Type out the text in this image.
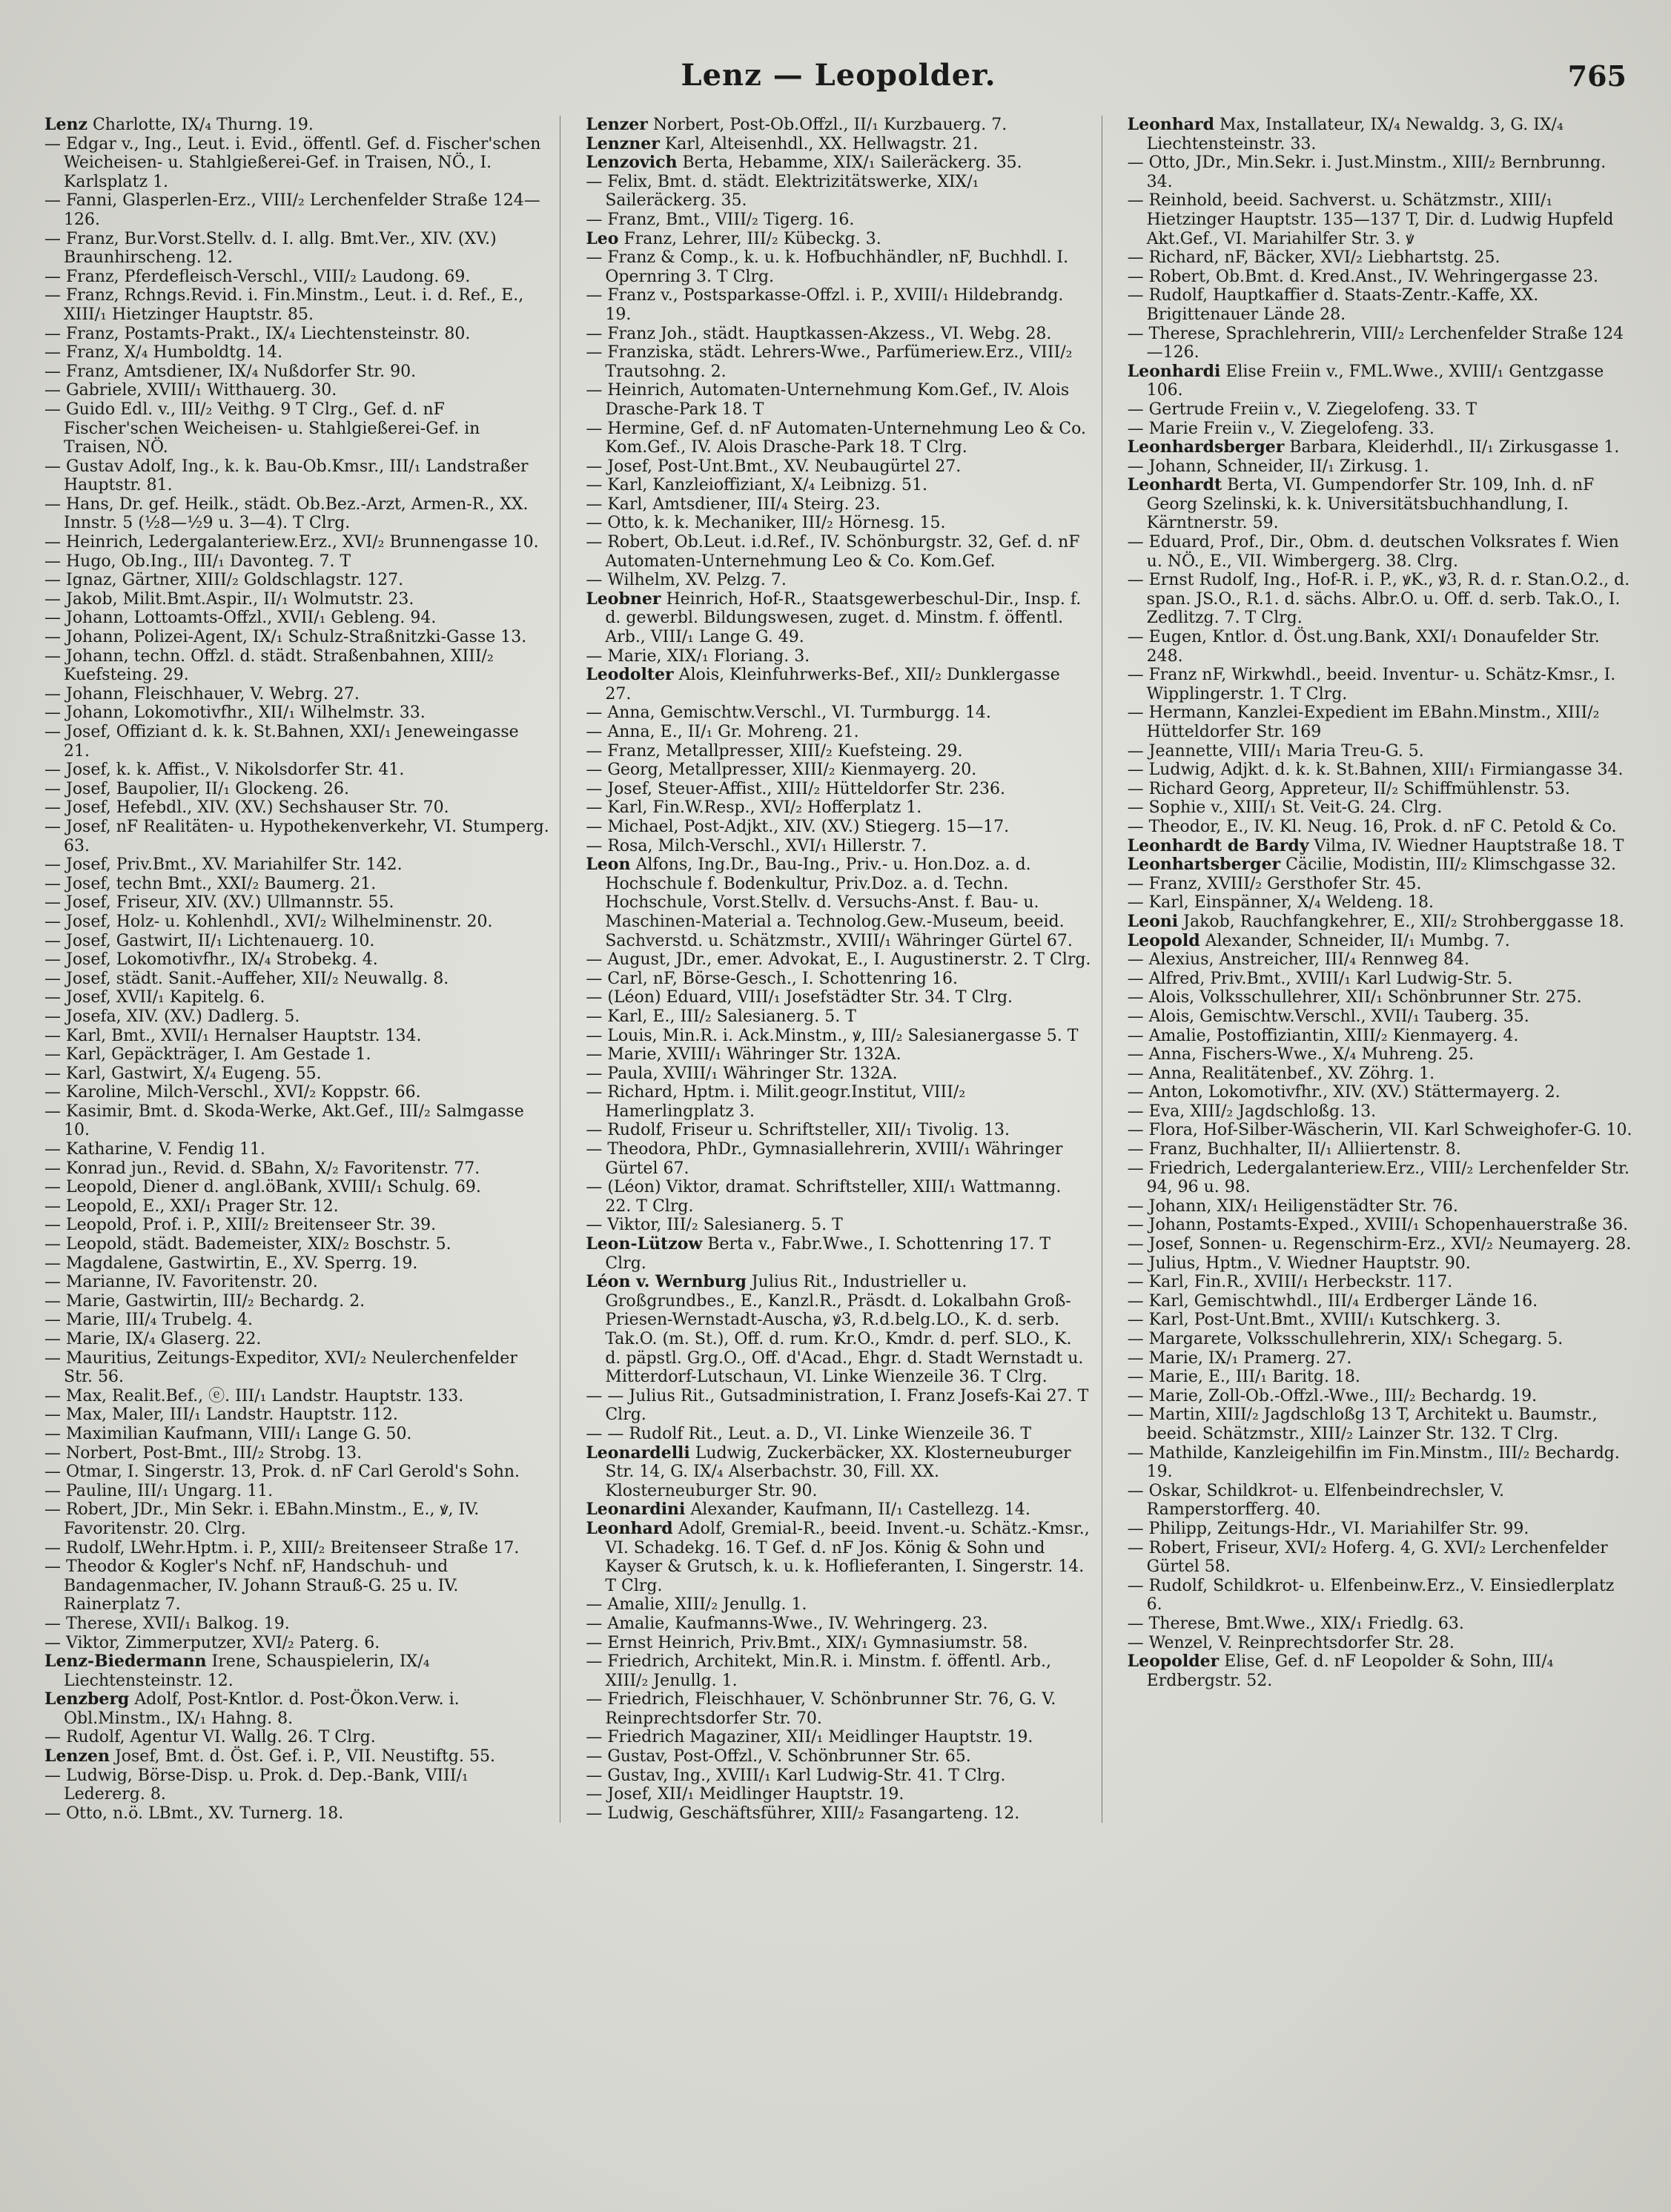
Lenz — Leopolder.	765

Lenz Charlotte, IX/₄ Thurng. 19.

— Edgar v., Ing., Leut. i. Evid., öffentl. Gef. d. Fischer'schen Weicheisen- u. Stahlgießerei-Gef. in Traisen, NÖ., I. Karlsplatz 1.

— Fanni, Glasperlen-Erz., VIII/₂ Lerchenfelder Straße 124—126.

— Franz, Bur.Vorst.Stellv. d. I. allg. Bmt.Ver., XIV. (XV.) Braunhirscheng. 12.

— Franz, Pferdefleisch-Verschl., VIII/₂ Laudong. 69.

— Franz, Rchngs.Revid. i. Fin.Minstm., Leut. i. d. Ref., E., XIII/₁ Hietzinger Hauptstr. 85.

— Franz, Postamts-Prakt., IX/₄ Liechtensteinstr. 80.

— Franz, X/₄ Humboldtg. 14.

— Franz, Amtsdiener, IX/₄ Nußdorfer Str. 90.

— Gabriele, XVIII/₁ Witthauerg. 30.

— Guido Edl. v., III/₂ Veithg. 9 T Clrg., Gef. d. nF Fischer'schen Weicheisen- u. Stahlgießerei-Gef. in Traisen, NÖ.

— Gustav Adolf, Ing., k. k. Bau-Ob.Kmsr., III/₁ Landstraßer Hauptstr. 81.

— Hans, Dr. gef. Heilk., städt. Ob.Bez.-Arzt, Armen-R., XX. Innstr. 5 (½8—½9 u. 3—4). T Clrg.

— Heinrich, Ledergalanteriew.Erz., XVI/₂ Brunnengasse 10.

— Hugo, Ob.Ing., III/₁ Davonteg. 7. T

— Ignaz, Gärtner, XIII/₂ Goldschlagstr. 127.

— Jakob, Milit.Bmt.Aspir., II/₁ Wolmutstr. 23.

— Johann, Lottoamts-Offzl., XVII/₁ Gebleng. 94.

— Johann, Polizei-Agent, IX/₁ Schulz-Straßnitzki-Gasse 13.

— Johann, techn. Offzl. d. städt. Straßenbahnen, XIII/₂ Kuefsteing. 29.

— Johann, Fleischhauer, V. Webrg. 27.

— Johann, Lokomotivfhr., XII/₁ Wilhelmstr. 33.

— Josef, Offiziant d. k. k. St.Bahnen, XXI/₁ Jeneweingasse 21.

— Josef, k. k. Affist., V. Nikolsdorfer Str. 41.

— Josef, Baupolier, II/₁ Glockeng. 26.

— Josef, Hefebdl., XIV. (XV.) Sechshauser Str. 70.

— Josef, nF Realitäten- u. Hypothekenverkehr, VI. Stumperg. 63.

— Josef, Priv.Bmt., XV. Mariahilfer Str. 142.

— Josef, techn Bmt., XXI/₂ Baumerg. 21.

— Josef, Friseur, XIV. (XV.) Ullmannstr. 55.

— Josef, Holz- u. Kohlenhdl., XVI/₂ Wilhelminenstr. 20.

— Josef, Gastwirt, II/₁ Lichtenauerg. 10.

— Josef, Lokomotivfhr., IX/₄ Strobekg. 4.

— Josef, städt. Sanit.-Auffeher, XII/₂ Neuwallg. 8.

— Josef, XVII/₁ Kapitelg. 6.

— Josefa, XIV. (XV.) Dadlerg. 5.

— Karl, Bmt., XVII/₁ Hernalser Hauptstr. 134.

— Karl, Gepäckträger, I. Am Gestade 1.

— Karl, Gastwirt, X/₄ Eugeng. 55.

— Karoline, Milch-Verschl., XVI/₂ Koppstr. 66.

— Kasimir, Bmt. d. Skoda-Werke, Akt.Gef., III/₂ Salmgasse 10.

— Katharine, V. Fendig 11.

— Konrad jun., Revid. d. SBahn, X/₂ Favoritenstr. 77.

— Leopold, Diener d. angl.öBank, XVIII/₁ Schulg. 69.

— Leopold, E., XXI/₁ Prager Str. 12.

— Leopold, Prof. i. P., XIII/₂ Breitenseer Str. 39.

— Leopold, städt. Bademeister, XIX/₂ Boschstr. 5.

— Magdalene, Gastwirtin, E., XV. Sperrg. 19.

— Marianne, IV. Favoritenstr. 20.

— Marie, Gastwirtin, III/₂ Bechardg. 2.

— Marie, III/₄ Trubelg. 4.

— Marie, IX/₄ Glaserg. 22.

— Mauritius, Zeitungs-Expeditor, XVI/₂ Neulerchenfelder Str. 56.

— Max, Realit.Bef., ⓔ. III/₁ Landstr. Hauptstr. 133.

— Max, Maler, III/₁ Landstr. Hauptstr. 112.

— Maximilian Kaufmann, VIII/₁ Lange G. 50.

— Norbert, Post-Bmt., III/₂ Strobg. 13.

— Otmar, I. Singerstr. 13, Prok. d. nF Carl Gerold's Sohn.

— Pauline, III/₁ Ungarg. 11.

— Robert, JDr., Min Sekr. i. EBahn.Minstm., E., ꝟ, IV. Favoritenstr. 20. Clrg.

— Rudolf, LWehr.Hptm. i. P., XIII/₂ Breitenseer Straße 17.

— Theodor & Kogler's Nchf. nF, Handschuh- und Bandagenmacher, IV. Johann Strauß-G. 25 u. IV. Rainerplatz 7.

— Therese, XVII/₁ Balkog. 19.

— Viktor, Zimmerputzer, XVI/₂ Paterg. 6.

Lenz-Biedermann Irene, Schauspielerin, IX/₄ Liechtensteinstr. 12.

Lenzberg Adolf, Post-Kntlor. d. Post-Ökon.Verw. i. Obl.Minstm., IX/₁ Hahng. 8.

— Rudolf, Agentur VI. Wallg. 26. T Clrg.

Lenzen Josef, Bmt. d. Öst. Gef. i. P., VII. Neustiftg. 55.

— Ludwig, Börse-Disp. u. Prok. d. Dep.-Bank, VIII/₁ Ledererg. 8.

— Otto, n.ö. LBmt., XV. Turnerg. 18.

Lenzer Norbert, Post-Ob.Offzl., II/₁ Kurzbauerg. 7.

Lenzner Karl, Alteisenhdl., XX. Hellwagstr. 21.

Lenzovich Berta, Hebamme, XIX/₁ Saileräckerg. 35.

— Felix, Bmt. d. städt. Elektrizitätswerke, XIX/₁ Saileräckerg. 35.

— Franz, Bmt., VIII/₂ Tigerg. 16.

Leo Franz, Lehrer, III/₂ Kübeckg. 3.

— Franz & Comp., k. u. k. Hofbuchhändler, nF, Buchhdl. I. Opernring 3. T Clrg.

— Franz v., Postsparkasse-Offzl. i. P., XVIII/₁ Hildebrandg. 19.

— Franz Joh., städt. Hauptkassen-Akzess., VI. Webg. 28.

— Franziska, städt. Lehrers-Wwe., Parfümeriew.Erz., VIII/₂ Trautsohng. 2.

— Heinrich, Automaten-Unternehmung Kom.Gef., IV. Alois Drasche-Park 18. T

— Hermine, Gef. d. nF Automaten-Unternehmung Leo & Co. Kom.Gef., IV. Alois Drasche-Park 18. T Clrg.

— Josef, Post-Unt.Bmt., XV. Neubaugürtel 27.

— Karl, Kanzleioffiziant, X/₄ Leibnizg. 51.

— Karl, Amtsdiener, III/₄ Steirg. 23.

— Otto, k. k. Mechaniker, III/₂ Hörnesg. 15.

— Robert, Ob.Leut. i.d.Ref., IV. Schönburgstr. 32, Gef. d. nF Automaten-Unternehmung Leo & Co. Kom.Gef.

— Wilhelm, XV. Pelzg. 7.

Leobner Heinrich, Hof-R., Staatsgewerbeschul-Dir., Insp. f. d. gewerbl. Bildungswesen, zuget. d. Minstm. f. öffentl. Arb., VIII/₁ Lange G. 49.

— Marie, XIX/₁ Floriang. 3.

Leodolter Alois, Kleinfuhrwerks-Bef., XII/₂ Dunklergasse 27.

— Anna, Gemischtw.Verschl., VI. Turmburgg. 14.

— Anna, E., II/₁ Gr. Mohreng. 21.

— Franz, Metallpresser, XIII/₂ Kuefsteing. 29.

— Georg, Metallpresser, XIII/₂ Kienmayerg. 20.

— Josef, Steuer-Affist., XIII/₂ Hütteldorfer Str. 236.

— Karl, Fin.W.Resp., XVI/₂ Hofferplatz 1.

— Michael, Post-Adjkt., XIV. (XV.) Stiegerg. 15—17.

— Rosa, Milch-Verschl., XVI/₁ Hillerstr. 7.

Leon Alfons, Ing.Dr., Bau-Ing., Priv.- u. Hon.Doz. a. d. Hochschule f. Bodenkultur, Priv.Doz. a. d. Techn. Hochschule, Vorst.Stellv. d. Versuchs-Anst. f. Bau- u. Maschinen-Material a. Technolog.Gew.-Museum, beeid. Sachverstd. u. Schätzmstr., XVIII/₁ Währinger Gürtel 67.

— August, JDr., emer. Advokat, E., I. Augustinerstr. 2. T Clrg.

— Carl, nF, Börse-Gesch., I. Schottenring 16.

— (Léon) Eduard, VIII/₁ Josefstädter Str. 34. T Clrg.

— Karl, E., III/₂ Salesianerg. 5. T

— Louis, Min.R. i. Ack.Minstm., ꝟ, III/₂ Salesianergasse 5. T

— Marie, XVIII/₁ Währinger Str. 132A.

— Paula, XVIII/₁ Währinger Str. 132A.

— Richard, Hptm. i. Milit.geogr.Institut, VIII/₂ Hamerlingplatz 3.

— Rudolf, Friseur u. Schriftsteller, XII/₁ Tivolig. 13.

— Theodora, PhDr., Gymnasiallehrerin, XVIII/₁ Währinger Gürtel 67.

— (Léon) Viktor, dramat. Schriftsteller, XIII/₁ Wattmanng. 22. T Clrg.

— Viktor, III/₂ Salesianerg. 5. T

Leon-Lützow Berta v., Fabr.Wwe., I. Schottenring 17. T Clrg.

Léon v. Wernburg Julius Rit., Industrieller u. Großgrundbes., E., Kanzl.R., Präsdt. d. Lokalbahn Groß-Priesen-Wernstadt-Auscha, ꝟ3, R.d.belg.LO., K. d. serb. Tak.O. (m. St.), Off. d. rum. Kr.O., Kmdr. d. perf. SLO., K. d. päpstl. Grg.O., Off. d'Acad., Ehgr. d. Stadt Wernstadt u. Mitterdorf-Lutschaun, VI. Linke Wienzeile 36. T Clrg.

— — Julius Rit., Gutsadministration, I. Franz Josefs-Kai 27. T Clrg.

— — Rudolf Rit., Leut. a. D., VI. Linke Wienzeile 36. T

Leonardelli Ludwig, Zuckerbäcker, XX. Klosterneuburger Str. 14, G. IX/₄ Alserbachstr. 30, Fill. XX. Klosterneuburger Str. 90.

Leonardini Alexander, Kaufmann, II/₁ Castellezg. 14.

Leonhard Adolf, Gremial-R., beeid. Invent.-u. Schätz.-Kmsr., VI. Schadekg. 16. T Gef. d. nF Jos. König & Sohn und Kayser & Grutsch, k. u. k. Hoflieferanten, I. Singerstr. 14. T Clrg.

— Amalie, XIII/₂ Jenullg. 1.

— Amalie, Kaufmanns-Wwe., IV. Wehringerg. 23.

— Ernst Heinrich, Priv.Bmt., XIX/₁ Gymnasiumstr. 58.

— Friedrich, Architekt, Min.R. i. Minstm. f. öffentl. Arb., XIII/₂ Jenullg. 1.

— Friedrich, Fleischhauer, V. Schönbrunner Str. 76, G. V. Reinprechtsdorfer Str. 70.

— Friedrich Magaziner, XII/₁ Meidlinger Hauptstr. 19.

— Gustav, Post-Offzl., V. Schönbrunner Str. 65.

— Gustav, Ing., XVIII/₁ Karl Ludwig-Str. 41. T Clrg.

— Josef, XII/₁ Meidlinger Hauptstr. 19.

— Ludwig, Geschäftsführer, XIII/₂ Fasangarteng. 12.

Leonhard Max, Installateur, IX/₄ Newaldg. 3, G. IX/₄ Liechtensteinstr. 33.

— Otto, JDr., Min.Sekr. i. Just.Minstm., XIII/₂ Bernbrunng. 34.

— Reinhold, beeid. Sachverst. u. Schätzmstr., XIII/₁ Hietzinger Hauptstr. 135—137 T, Dir. d. Ludwig Hupfeld Akt.Gef., VI. Mariahilfer Str. 3. ꝟ

— Richard, nF, Bäcker, XVI/₂ Liebhartstg. 25.

— Robert, Ob.Bmt. d. Kred.Anst., IV. Wehringergasse 23.

— Rudolf, Hauptkaffier d. Staats-Zentr.-Kaffe, XX. Brigittenauer Lände 28.

— Therese, Sprachlehrerin, VIII/₂ Lerchenfelder Straße 124—126.

Leonhardi Elise Freiin v., FML.Wwe., XVIII/₁ Gentzgasse 106.

— Gertrude Freiin v., V. Ziegelofeng. 33. T

— Marie Freiin v., V. Ziegelofeng. 33.

Leonhardsberger Barbara, Kleiderhdl., II/₁ Zirkusgasse 1.

— Johann, Schneider, II/₁ Zirkusg. 1.

Leonhardt Berta, VI. Gumpendorfer Str. 109, Inh. d. nF Georg Szelinski, k. k. Universitätsbuchhandlung, I. Kärntnerstr. 59.

— Eduard, Prof., Dir., Obm. d. deutschen Volksrates f. Wien u. NÖ., E., VII. Wimbergerg. 38. Clrg.

— Ernst Rudolf, Ing., Hof-R. i. P., ꝟK., ꝟ3, R. d. r. Stan.O.2., d. span. JS.O., R.1. d. sächs. Albr.O. u. Off. d. serb. Tak.O., I. Zedlitzg. 7. T Clrg.

— Eugen, Kntlor. d. Öst.ung.Bank, XXI/₁ Donaufelder Str. 248.

— Franz nF, Wirkwhdl., beeid. Inventur- u. Schätz-Kmsr., I. Wipplingerstr. 1. T Clrg.

— Hermann, Kanzlei-Expedient im EBahn.Minstm., XIII/₂ Hütteldorfer Str. 169

— Jeannette, VIII/₁ Maria Treu-G. 5.

— Ludwig, Adjkt. d. k. k. St.Bahnen, XIII/₁ Firmiangasse 34.

— Richard Georg, Appreteur, II/₂ Schiffmühlenstr. 53.

— Sophie v., XIII/₁ St. Veit-G. 24. Clrg.

— Theodor, E., IV. Kl. Neug. 16, Prok. d. nF C. Petold & Co.

Leonhardt de Bardy Vilma, IV. Wiedner Hauptstraße 18. T

Leonhartsberger Cäcilie, Modistin, III/₂ Klimschgasse 32.

— Franz, XVIII/₂ Gersthofer Str. 45.

— Karl, Einspänner, X/₄ Weldeng. 18.

Leoni Jakob, Rauchfangkehrer, E., XII/₂ Strohberggasse 18.

Leopold Alexander, Schneider, II/₁ Mumbg. 7.

— Alexius, Anstreicher, III/₄ Rennweg 84.

— Alfred, Priv.Bmt., XVIII/₁ Karl Ludwig-Str. 5.

— Alois, Volksschullehrer, XII/₁ Schönbrunner Str. 275.

— Alois, Gemischtw.Verschl., XVII/₁ Tauberg. 35.

— Amalie, Postoffiziantin, XIII/₂ Kienmayerg. 4.

— Anna, Fischers-Wwe., X/₄ Muhreng. 25.

— Anna, Realitätenbef., XV. Zöhrg. 1.

— Anton, Lokomotivfhr., XIV. (XV.) Stättermayerg. 2.

— Eva, XIII/₂ Jagdschloßg. 13.

— Flora, Hof-Silber-Wäscherin, VII. Karl Schweighofer-G. 10.

— Franz, Buchhalter, II/₁ Alliiertenstr. 8.

— Friedrich, Ledergalanteriew.Erz., VIII/₂ Lerchenfelder Str. 94, 96 u. 98.

— Johann, XIX/₁ Heiligenstädter Str. 76.

— Johann, Postamts-Exped., XVIII/₁ Schopenhauerstraße 36.

— Josef, Sonnen- u. Regenschirm-Erz., XVI/₂ Neumayerg. 28.

— Julius, Hptm., V. Wiedner Hauptstr. 90.

— Karl, Fin.R., XVIII/₁ Herbeckstr. 117.

— Karl, Gemischtwhdl., III/₄ Erdberger Lände 16.

— Karl, Post-Unt.Bmt., XVIII/₁ Kutschkerg. 3.

— Margarete, Volksschullehrerin, XIX/₁ Schegarg. 5.

— Marie, IX/₁ Pramerg. 27.

— Marie, E., III/₁ Baritg. 18.

— Marie, Zoll-Ob.-Offzl.-Wwe., III/₂ Bechardg. 19.

— Martin, XIII/₂ Jagdschloßg 13 T, Architekt u. Baumstr., beeid. Schätzmstr., XIII/₂ Lainzer Str. 132. T Clrg.

— Mathilde, Kanzleigehilfin im Fin.Minstm., III/₂ Bechardg. 19.

— Oskar, Schildkrot- u. Elfenbeindrechsler, V. Ramperstorfferg. 40.

— Philipp, Zeitungs-Hdr., VI. Mariahilfer Str. 99.

— Robert, Friseur, XVI/₂ Hoferg. 4, G. XVI/₂ Lerchenfelder Gürtel 58.

— Rudolf, Schildkrot- u. Elfenbeinw.Erz., V. Einsiedlerplatz 6.

— Therese, Bmt.Wwe., XIX/₁ Friedlg. 63.

— Wenzel, V. Reinprechtsdorfer Str. 28.

Leopolder Elise, Gef. d. nF Leopolder & Sohn, III/₄ Erdbergstr. 52.
